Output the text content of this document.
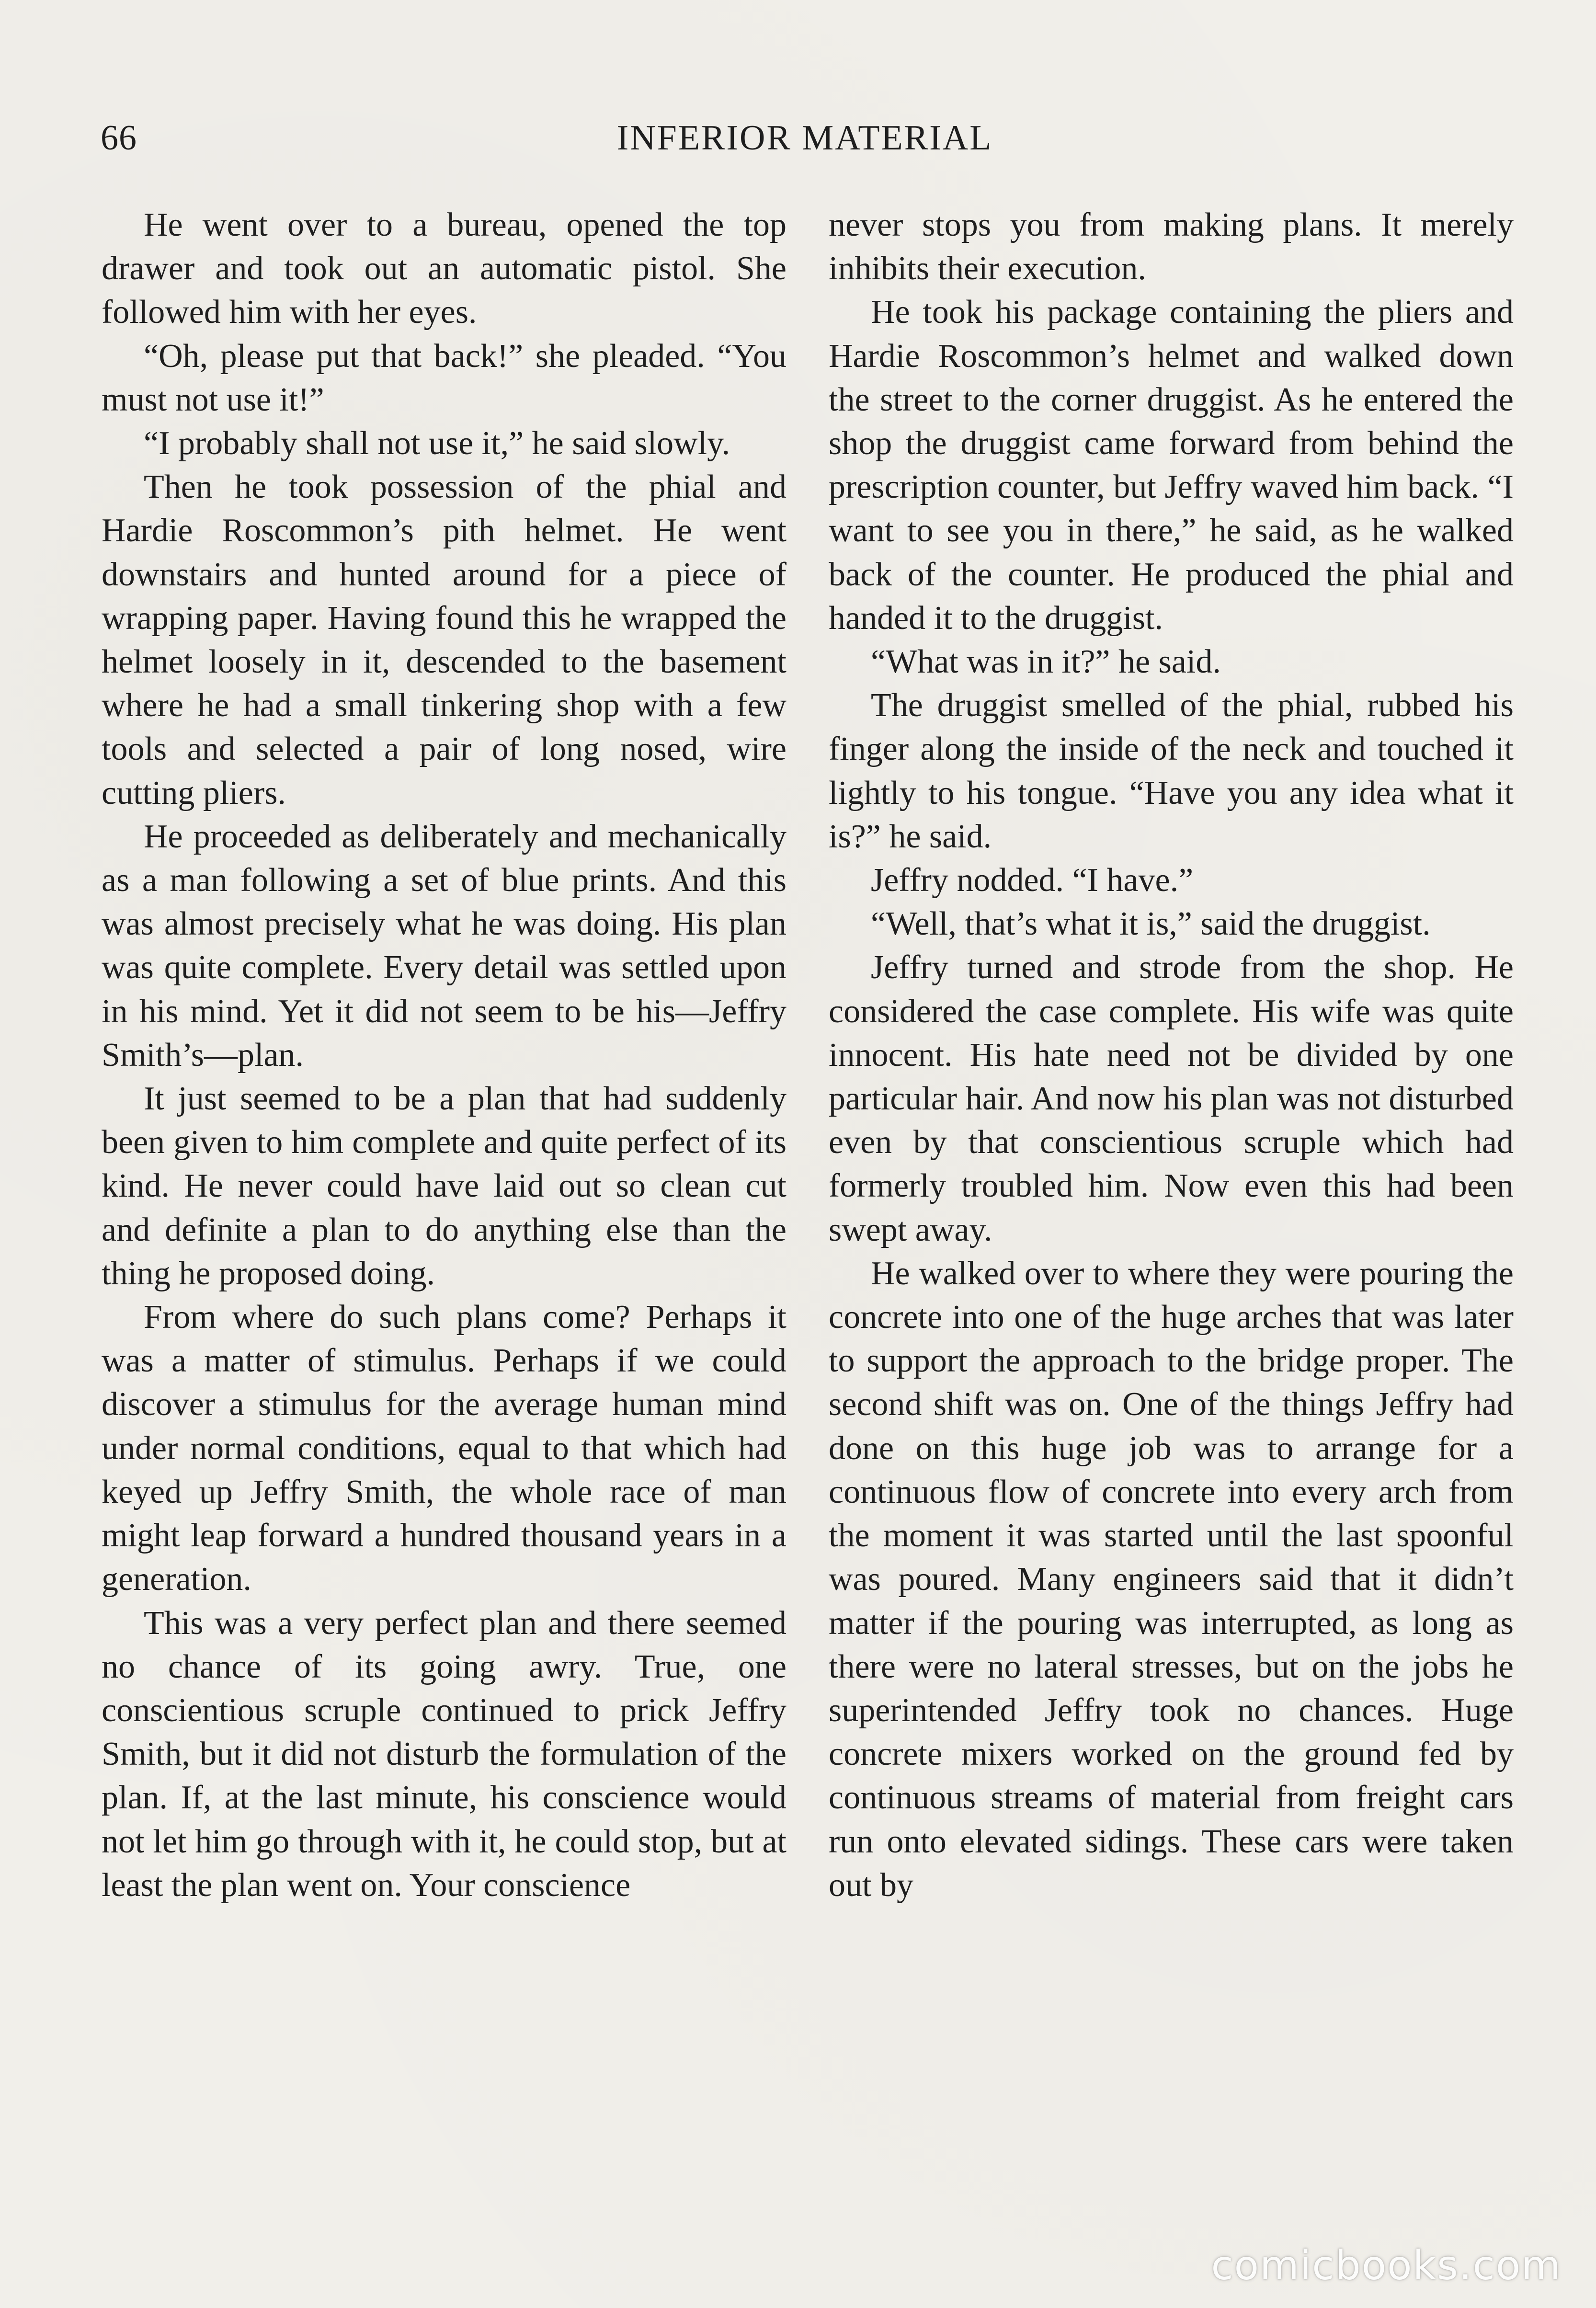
66	INFERIOR MATERIAL

He went over to a bureau, opened the top drawer and took out an automatic pistol. She followed him with her eyes.

“Oh, please put that back!” she pleaded. “You must not use it!”

“I probably shall not use it,” he said slowly.

Then he took possession of the phial and Hardie Roscommon’s pith helmet. He went downstairs and hunted around for a piece of wrapping paper. Having found this he wrapped the helmet loosely in it, descended to the basement where he had a small tinkering shop with a few tools and selected a pair of long nosed, wire cutting pliers.

He proceeded as deliberately and mechanically as a man following a set of blue prints. And this was almost precisely what he was doing. His plan was quite complete. Every detail was settled upon in his mind. Yet it did not seem to be his—Jeffry Smith’s—plan.

It just seemed to be a plan that had suddenly been given to him complete and quite perfect of its kind. He never could have laid out so clean cut and definite a plan to do anything else than the thing he proposed doing.

From where do such plans come? Perhaps it was a matter of stimulus. Perhaps if we could discover a stimulus for the average human mind under normal conditions, equal to that which had keyed up Jeffry Smith, the whole race of man might leap forward a hundred thousand years in a generation.

This was a very perfect plan and there seemed no chance of its going awry. True, one conscientious scruple continued to prick Jeffry Smith, but it did not disturb the formulation of the plan. If, at the last minute, his conscience would not let him go through with it, he could stop, but at least the plan went on. Your conscience

never stops you from making plans. It merely inhibits their execution.

He took his package containing the pliers and Hardie Roscommon’s helmet and walked down the street to the corner druggist. As he entered the shop the druggist came forward from behind the prescription counter, but Jeffry waved him back. “I want to see you in there,” he said, as he walked back of the counter. He produced the phial and handed it to the druggist.

“What was in it?” he said.

The druggist smelled of the phial, rubbed his finger along the inside of the neck and touched it lightly to his tongue. “Have you any idea what it is?” he said.

Jeffry nodded. “I have.”

“Well, that’s what it is,” said the druggist.

Jeffry turned and strode from the shop. He considered the case complete. His wife was quite innocent. His hate need not be divided by one particular hair. And now his plan was not disturbed even by that conscientious scruple which had formerly troubled him. Now even this had been swept away.

He walked over to where they were pouring the concrete into one of the huge arches that was later to support the approach to the bridge proper. The second shift was on. One of the things Jeffry had done on this huge job was to arrange for a continuous flow of concrete into every arch from the moment it was started until the last spoonful was poured. Many engineers said that it didn’t matter if the pouring was interrupted, as long as there were no lateral stresses, but on the jobs he superintended Jeffry took no chances. Huge concrete mixers worked on the ground fed by continuous streams of material from freight cars run onto elevated sidings. These cars were taken out by

comicbooks.com
